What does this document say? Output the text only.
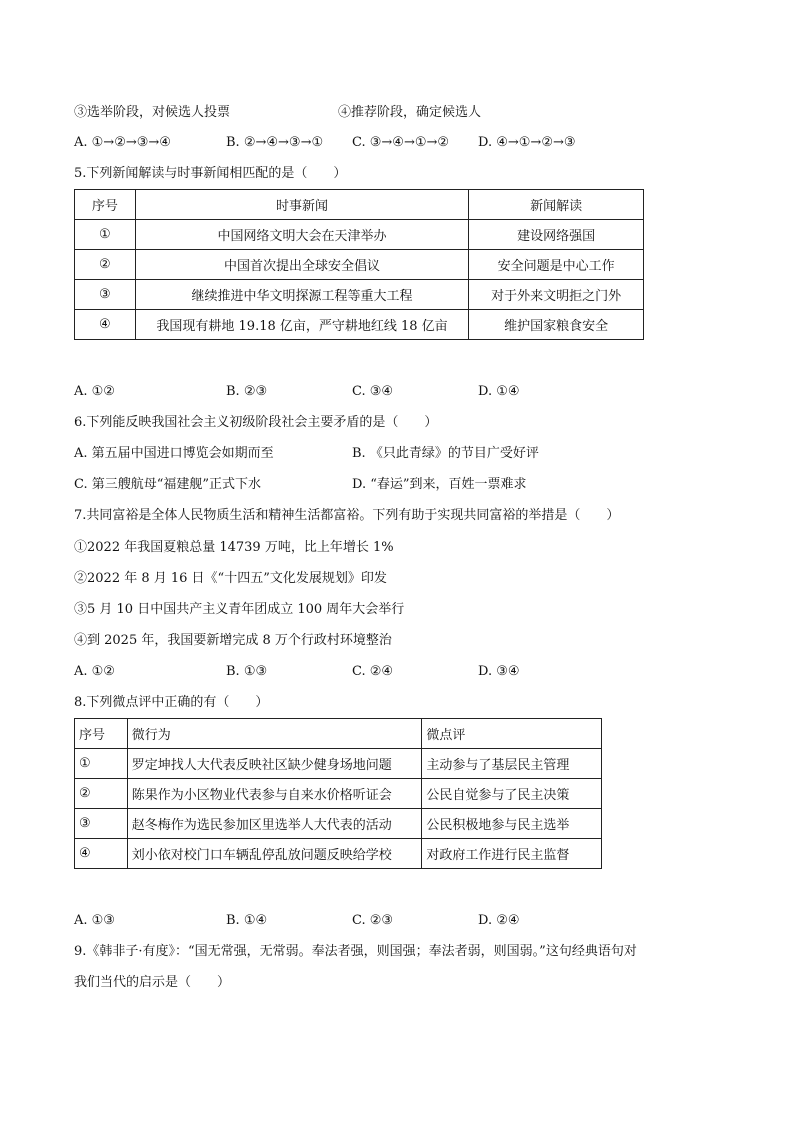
③选举阶段，对候选人投票	④推荐阶段，确定候选人
A. ①→②→③→④	B. ②→④→③→① C. ③→④→①→② D. ④→①→②→③
5.下列新闻解读与时事新闻相匹配的是（　　）
序号	时事新闻	新闻解读
①	中国网络文明大会在天津举办	建设网络强国
②	中国首次提出全球安全倡议	安全问题是中心工作
③	继续推进中华文明探源工程等重大工程	对于外来文明拒之门外
④	我国现有耕地 19.18 亿亩，严守耕地红线 18 亿亩	维护国家粮食安全
A. ①②	B. ②③	C. ③④	D. ①④
6.下列能反映我国社会主义初级阶段社会主要矛盾的是（　　）
A. 第五届中国进口博览会如期而至	B. 《只此青绿》的节目广受好评
C. 第三艘航母“福建舰”正式下水	D. “春运”到来，百姓一票难求
7.共同富裕是全体人民物质生活和精神生活都富裕。下列有助于实现共同富裕的举措是（　　）
①2022 年我国夏粮总量 14739 万吨，比上年增长 1%
②2022 年 8 月 16 日《“十四五”文化发展规划》印发
③5 月 10 日中国共产主义青年团成立 100 周年大会举行
④到 2025 年，我国要新增完成 8 万个行政村环境整治
A. ①②	B. ①③	C. ②④	D. ③④
8.下列微点评中正确的有（　　）
序号	微行为	微点评
①	罗定坤找人大代表反映社区缺少健身场地问题	主动参与了基层民主管理
②	陈果作为小区物业代表参与自来水价格听证会	公民自觉参与了民主决策
③	赵冬梅作为选民参加区里选举人大代表的活动	公民积极地参与民主选举
④	刘小依对校门口车辆乱停乱放问题反映给学校	对政府工作进行民主监督
A. ①③	B. ①④	C. ②③	D. ②④
9.《韩非子·有度》：“国无常强，无常弱。奉法者强，则国强；奉法者弱，则国弱。”这句经典语句对
我们当代的启示是（　　）
